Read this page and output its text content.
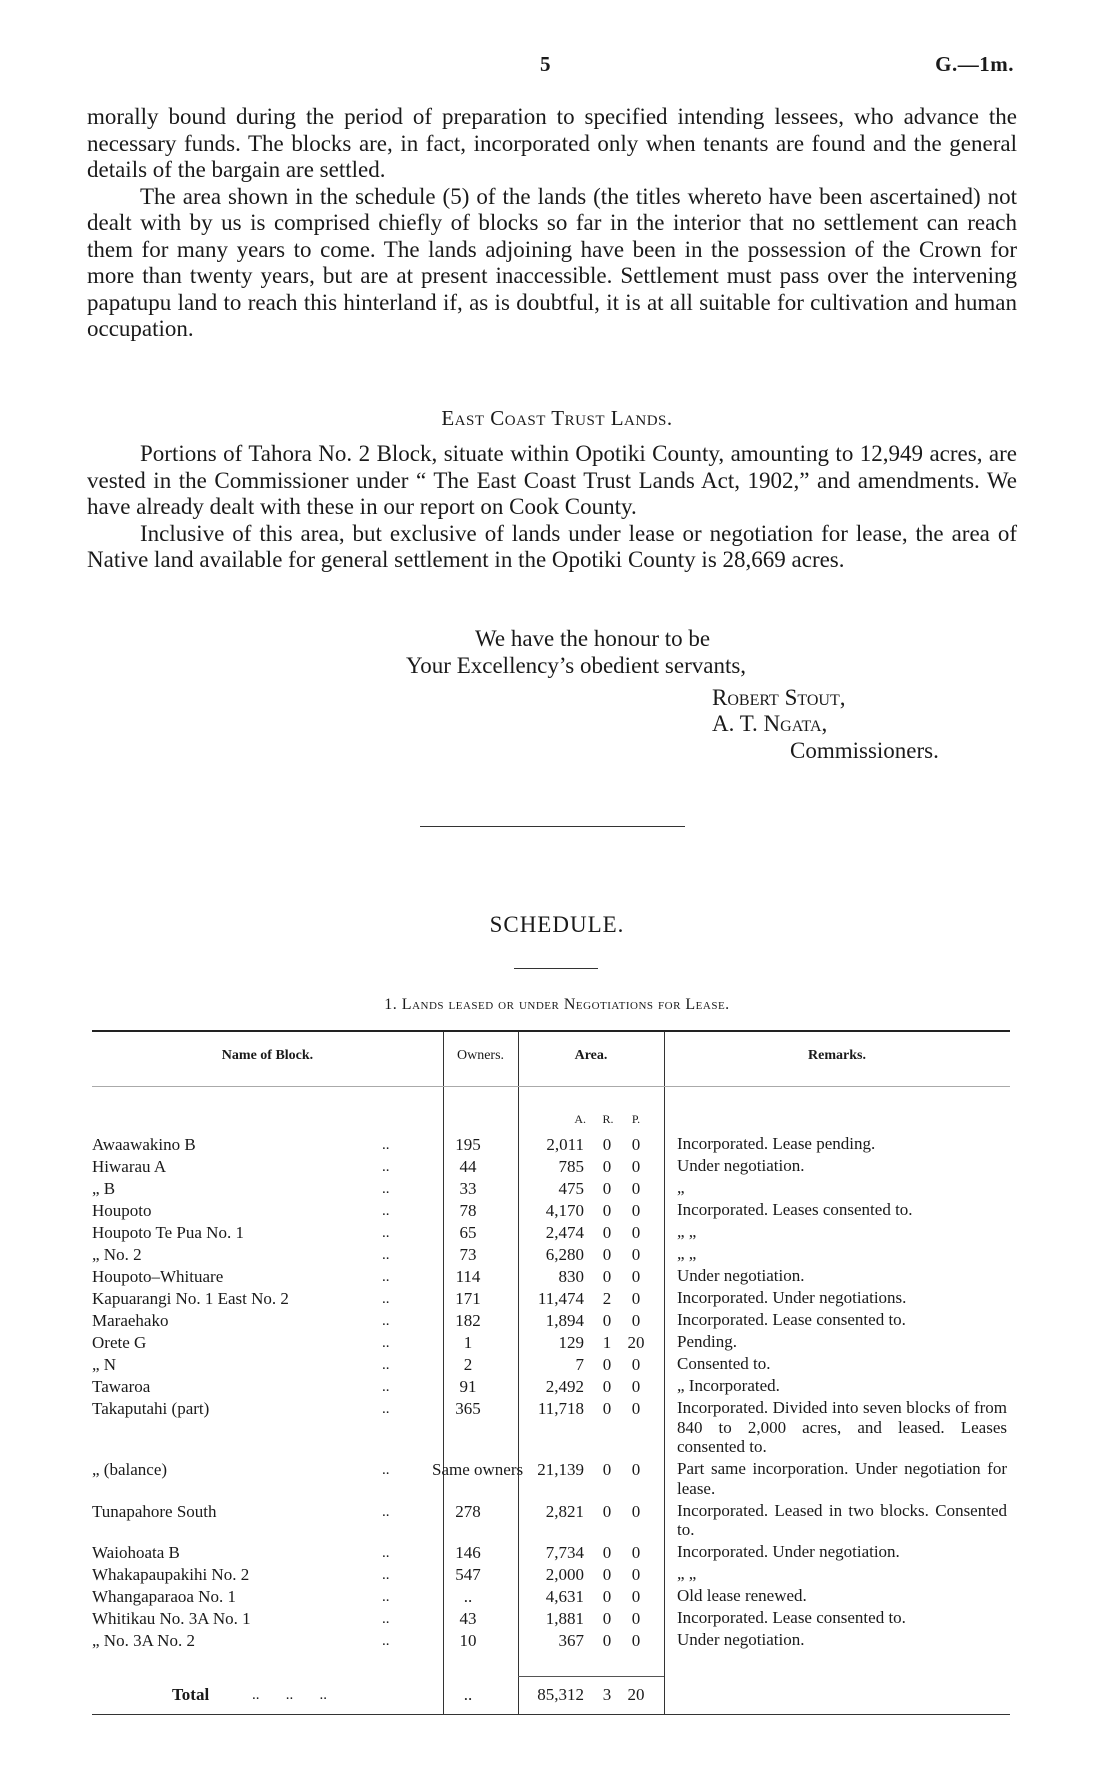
5	G.—1m.

morally bound during the period of preparation to specified intending lessees, who advance the necessary funds. The blocks are, in fact, incorporated only when tenants are found and the general details of the bargain are settled.

The area shown in the schedule (5) of the lands (the titles whereto have been ascertained) not dealt with by us is comprised chiefly of blocks so far in the interior that no settlement can reach them for many years to come. The lands adjoining have been in the possession of the Crown for more than twenty years, but are at present inaccessible. Settlement must pass over the intervening papatupu land to reach this hinterland if, as is doubtful, it is at all suitable for cultivation and human occupation.

East Coast Trust Lands.

Portions of Tahora No. 2 Block, situate within Opotiki County, amounting to 12,949 acres, are vested in the Commissioner under “ The East Coast Trust Lands Act, 1902,” and amendments. We have already dealt with these in our report on Cook County.

Inclusive of this area, but exclusive of lands under lease or negotiation for lease, the area of Native land available for general settlement in the Opotiki County is 28,669 acres.

We have the honour to be
Your Excellency’s obedient servants,
Robert Stout,
A. T. Ngata,
Commissioners.
SCHEDULE.
1. Lands leased or under Negotiations for Lease.
Name of Block.	Owners.	Area.	Remarks.
A. R.	P.
Awaawakino B	195	2,011	0	0	Incorporated. Lease pending.
..
Hiwarau A	44	785	0	0	Under negotiation.
..
„ B	33	475	0	0	„
..
Houpoto	78	4,170	0	0	Incorporated. Leases consented to.
..
Houpoto Te Pua No. 1	65	2,474	0	0	„ „
..
„ No. 2	73	6,280	0	0	„ „
..
Houpoto–Whituare	114	830	0	0	Under negotiation.
..
Kapuarangi No. 1 East No. 2	171	11,474	2	0	Incorporated. Under negotiations.
..
Maraehako	182	1,894	0	0	Incorporated. Lease consented to.
..
Orete G	1	129	1 20	Pending.
..
„ N	2	7	0	0	Consented to.
..
Tawaroa	91	2,492	0	0	„ Incorporated.
..
Takaputahi (part)	365	11,718	0	0	Incorporated. Divided into seven blocks of from 840 to 2,000 acres, and leased. Leases consented to.
..
„ (balance)	Same owners 21,139	0	0	Part same incorporation. Under negotiation for lease.
..
Tunapahore South	278	2,821	0	0	Incorporated. Leased in two blocks. Consented to.
..
Waiohoata B	146	7,734	0	0	Incorporated. Under negotiation.
..
Whakapaupakihi No. 2	547	2,000	0	0	„ „
..
Whangaparaoa No. 1	..	4,631	0	0	Old lease renewed.
..
Whitikau No. 3A No. 1	43	1,881	0	0	Incorporated. Lease consented to.
..
„ No. 3A No. 2	10	367	0	0	Under negotiation.
..
Total	..       ..       ..	..	85,312	3 20
